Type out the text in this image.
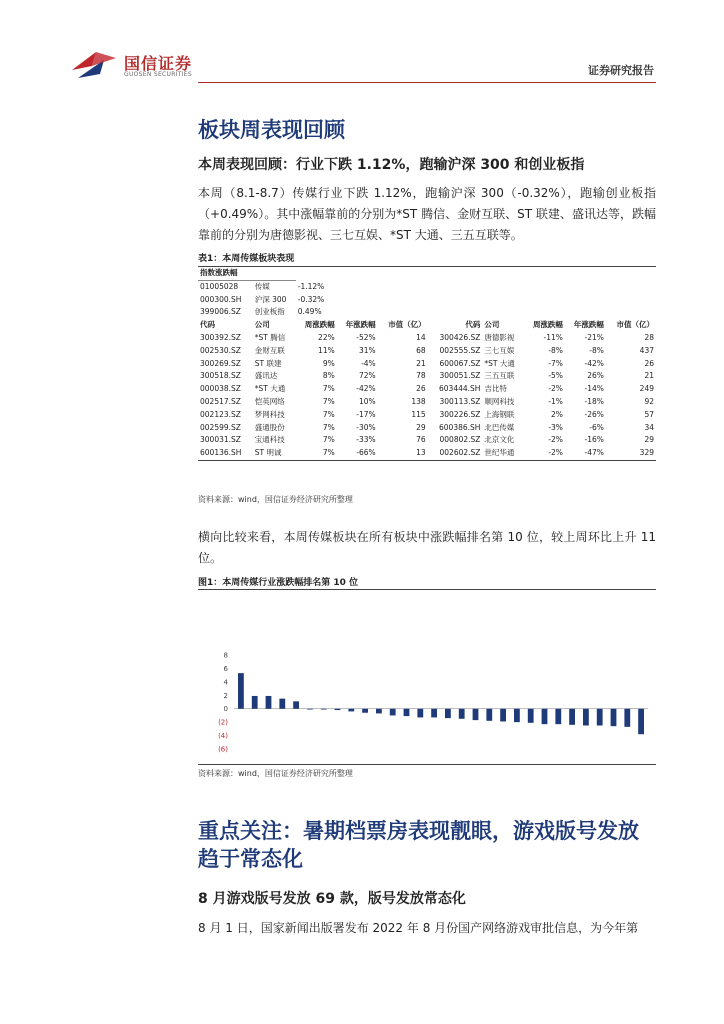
国信证券
GUOSEN SECURITIES	证券研究报告
板块周表现回顾
本周表现回顾：行业下跌 1.12%，跑输沪深 300 和创业板指

本周（8.1-8.7）传媒行业下跌 1.12%，跑输沪深 300（-0.32%），跑输创业板指（+0.49%）。其中涨幅靠前的分别为*ST 腾信、金财互联、ST 联建、盛讯达等，跌幅靠前的分别为唐德影视、三七互娱、*ST 大通、三五互联等。

表1：本周传媒板块表现
指数涨跌幅									
01005028	传媒	-1.12%							
000300.SH	沪深 300	-0.32%							
399006.SZ	创业板指	0.49%							
代码	公司	周涨跌幅	年涨跌幅	市值（亿）	代码	公司	周涨跌幅	年涨跌幅	市值（亿）
300392.SZ	*ST 腾信	22%	-52%	14	300426.SZ	唐德影视	-11%	-21%	28
002530.SZ	金财互联	11%	31%	68	002555.SZ	三七互娱	-8%	-8%	437
300269.SZ	ST 联建	9%	-4%	21	600067.SZ	*ST 大通	-7%	-42%	26
300518.SZ	盛讯达	8%	72%	78	300051.SZ	三五互联	-5%	26%	21
000038.SZ	*ST 大通	7%	-42%	26	603444.SH	吉比特	-2%	-14%	249
002517.SZ	恺英网络	7%	10%	138	300113.SZ	顺网科技	-1%	-18%	92
002123.SZ	梦网科技	7%	-17%	115	300226.SZ	上海钢联	2%	-26%	57
002599.SZ	盛通股份	7%	-30%	29	600386.SH	北巴传媒	-3%	-6%	34
300031.SZ	宝通科技	7%	-33%	76	000802.SZ	北京文化	-2%	-16%	29
600136.SH	ST 明诚	7%	-66%	13	002602.SZ	世纪华通	-2%	-47%	329
资料来源：wind，国信证券经济研究所整理

横向比较来看，本周传媒板块在所有板块中涨跌幅排名第 10 位，较上周环比上升 11 位。

图1：本周传媒行业涨跌幅排名第 10 位
8
6
4
2
0
(2)
(4)
(6)
资料来源：wind，国信证券经济研究所整理
重点关注：暑期档票房表现靓眼，游戏版号发放趋于常态化
8 月游戏版号发放 69 款，版号发放常态化

8 月 1 日，国家新闻出版署发布 2022 年 8 月份国产网络游戏审批信息，为今年第
